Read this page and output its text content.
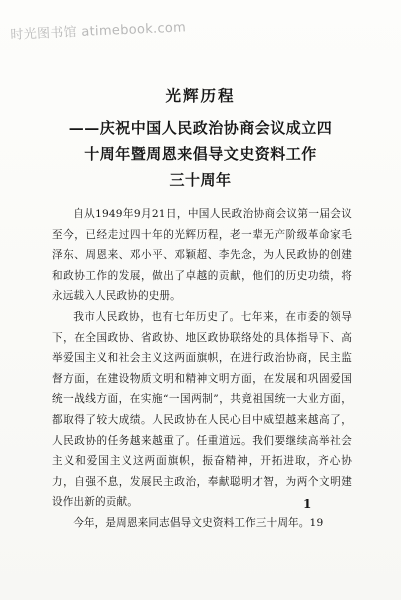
时光图书馆 atimebook.com
光辉历程
——庆祝中国人民政治协商会议成立四
十周年暨周恩来倡导文史资料工作
三十周年

自从1949年9月21日，中国人民政治协商会议第一届会议至今，已经走过四十年的光辉历程，老一辈无产阶级革命家毛泽东、周恩来、邓小平、邓颖超、李先念，为人民政协的创建和政协工作的发展，做出了卓越的贡献，他们的历史功绩，将永远载入人民政协的史册。

我市人民政协，也有七年历史了。七年来，在市委的领导下，在全国政协、省政协、地区政协联络处的具体指导下、高举爱国主义和社会主义这两面旗帜，在进行政治协商，民主监督方面，在建设物质文明和精神文明方面，在发展和巩固爱国统一战线方面，在实施“一国两制”，共竟祖国统一大业方面，都取得了较大成绩。人民政协在人民心目中威望越来越高了，人民政协的任务越来越重了。任重道远。我们要继续高举社会主义和爱国主义这两面旗帜，振奋精神，开拓进取，齐心协力，自强不息，发展民主政治，奉献聪明才智，为两个文明建设作出新的贡献。

今年，是周恩来同志倡导文史资料工作三十周年。19

1
